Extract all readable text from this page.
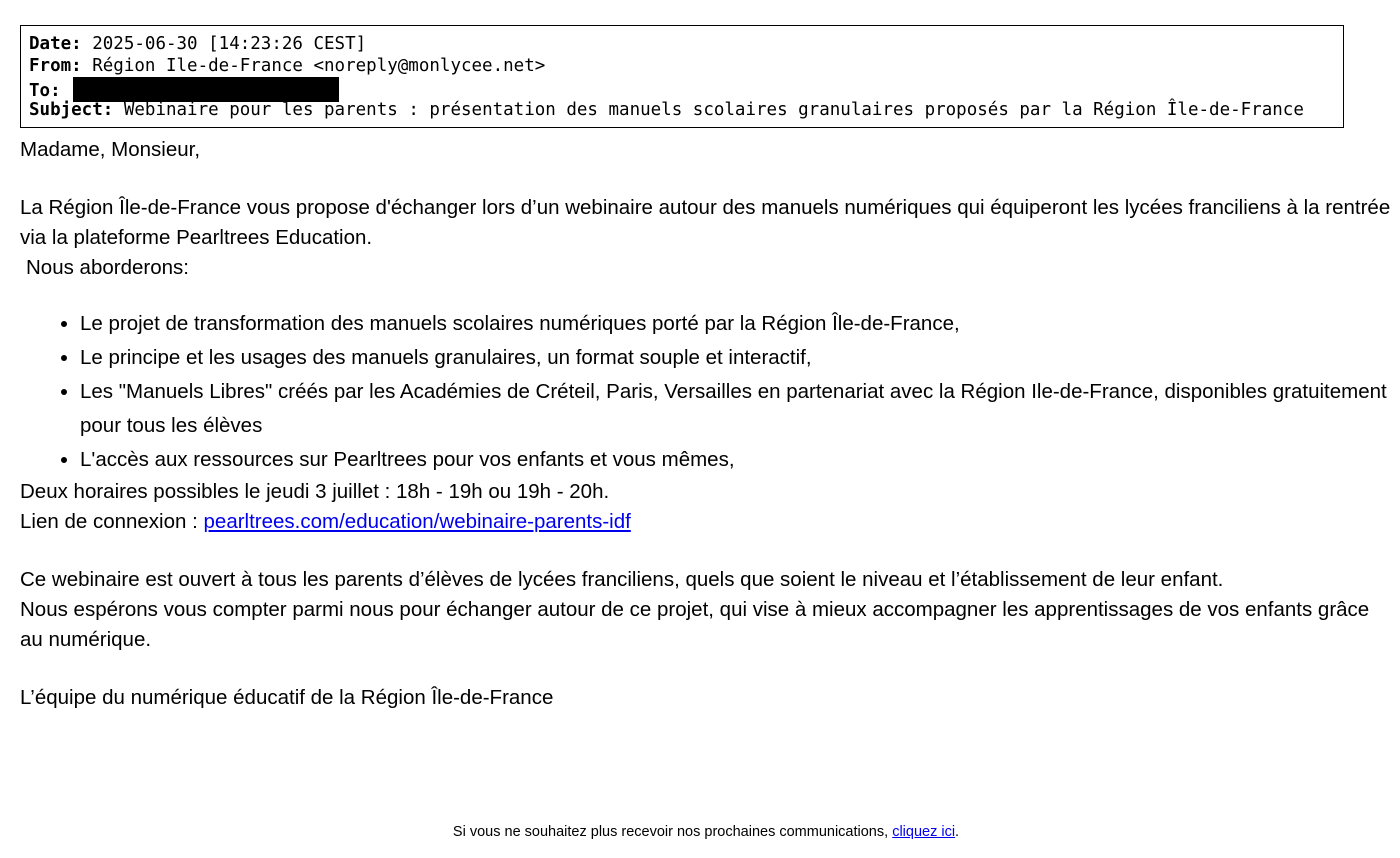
Date: 2025-06-30 [14:23:26 CEST]
From: Région Ile-de-France <noreply@monlycee.net>
To:
Subject: Webinaire pour les parents : présentation des manuels scolaires granulaires proposés par la Région Île-de-France

Madame, Monsieur,

La Région Île-de-France vous propose d'échanger lors d’un webinaire autour des manuels numériques qui équiperont les lycées franciliens à la rentrée via la plateforme Pearltrees Education.

Nous aborderons:

• Le projet de transformation des manuels scolaires numériques porté par la Région Île-de-France,
• Le principe et les usages des manuels granulaires, un format souple et interactif,
• Les "Manuels Libres" créés par les Académies de Créteil, Paris, Versailles en partenariat avec la Région Ile-de-France, disponibles gratuitement pour tous les élèves
• L'accès aux ressources sur Pearltrees pour vos enfants et vous mêmes,

Deux horaires possibles le jeudi 3 juillet : 18h - 19h ou 19h - 20h.

Lien de connexion : pearltrees.com/education/webinaire-parents-idf

Ce webinaire est ouvert à tous les parents d’élèves de lycées franciliens, quels que soient le niveau et l’établissement de leur enfant.

Nous espérons vous compter parmi nous pour échanger autour de ce projet, qui vise à mieux accompagner les apprentissages de vos enfants grâce au numérique.

L’équipe du numérique éducatif de la Région Île-de-France

Si vous ne souhaitez plus recevoir nos prochaines communications, cliquez ici.
